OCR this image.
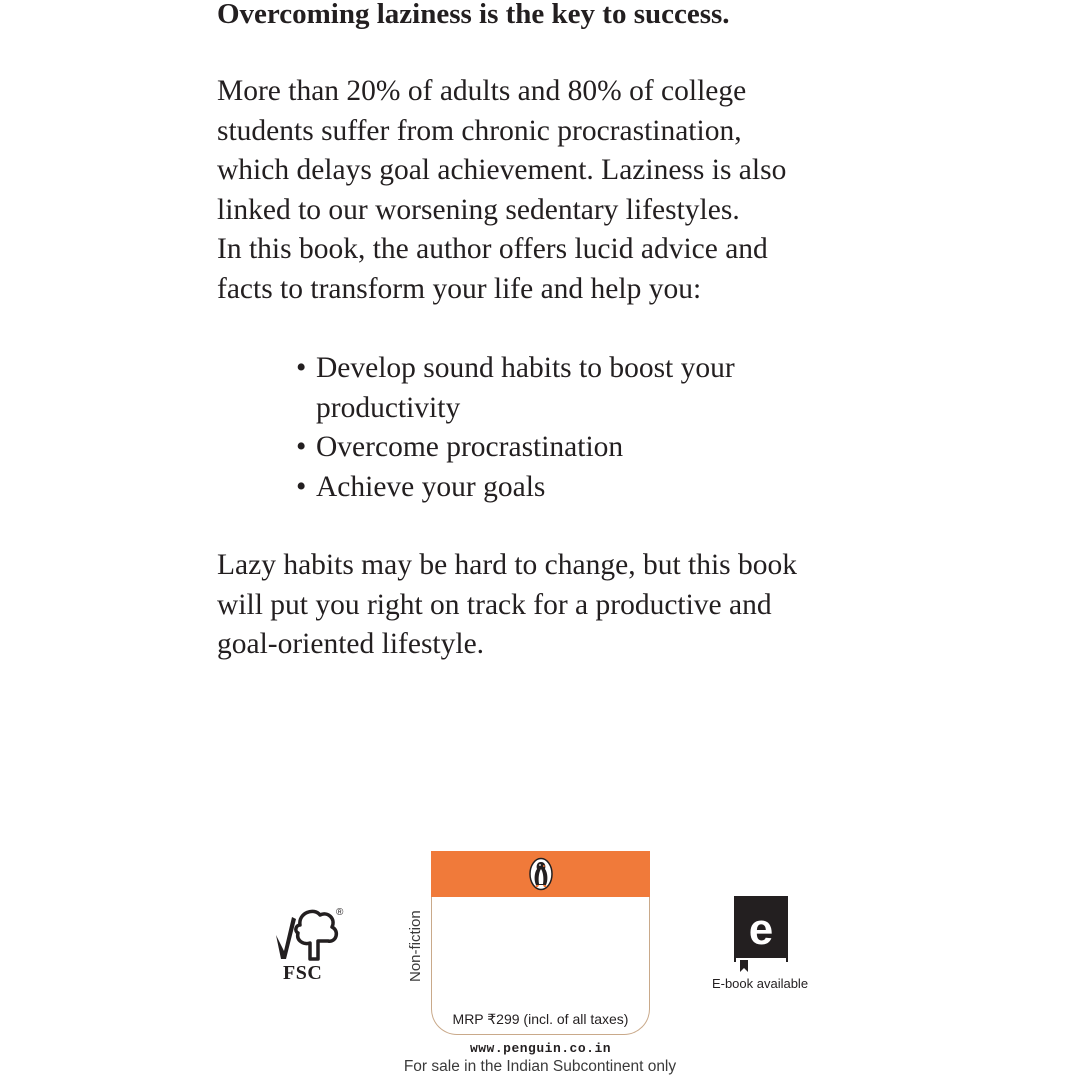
Overcoming laziness is the key to success.

More than 20% of adults and 80% of college
students suffer from chronic procrastination,
which delays goal achievement. Laziness is also
linked to our worsening sedentary lifestyles.
In this book, the author offers lucid advice and
facts to transform your life and help you:

• Develop sound habits to boost your productivity
• Overcome procrastination
• Achieve your goals

Lazy habits may be hard to change, but this book
will put you right on track for a productive and
goal-oriented lifestyle.

®
FSC	Non-fiction
MRP ₹299 (incl. of all taxes)
www.penguin.co.in
For sale in the Indian Subcontinent only
e
E-book available
